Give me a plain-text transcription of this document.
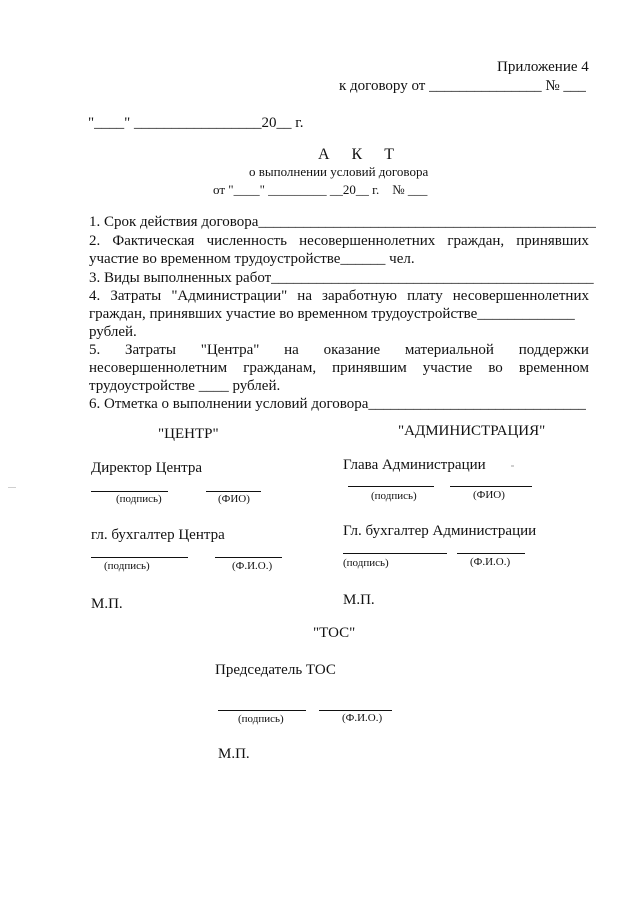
Приложение 4
к договору от _______________ № ___
"____" _________________20__ г.
А К Т
о выполнении условий договора
от "____" _________ __20__ г.    № ___
1. Срок действия договора_____________________________________________
2. Фактическая численность несовершеннолетних граждан, принявших
участие во временном трудоустройстве______ чел.
3. Виды выполненных работ___________________________________________
4. Затраты "Администрации" на заработную плату несовершеннолетних
граждан, принявших участие во временном трудоустройстве_____________
рублей.
5. Затраты "Центра" на оказание материальной поддержки
несовершеннолетним гражданам, принявшим участие во временном
трудоустройстве ____ рублей.
6. Отметка о выполнении условий договора_____________________________
"ЦЕНТР"	"АДМИНИСТРАЦИЯ"
Директор Центра
(подпись)	(ФИО)
гл. бухгалтер Центра
(подпись)	(Ф.И.О.)
М.П.
Глава Администрации
(подпись)	(ФИО)
Гл. бухгалтер Администрации
(подпись)	(Ф.И.О.)
М.П.
"ТОС"
Председатель ТОС
(подпись)	(Ф.И.О.)
М.П.
